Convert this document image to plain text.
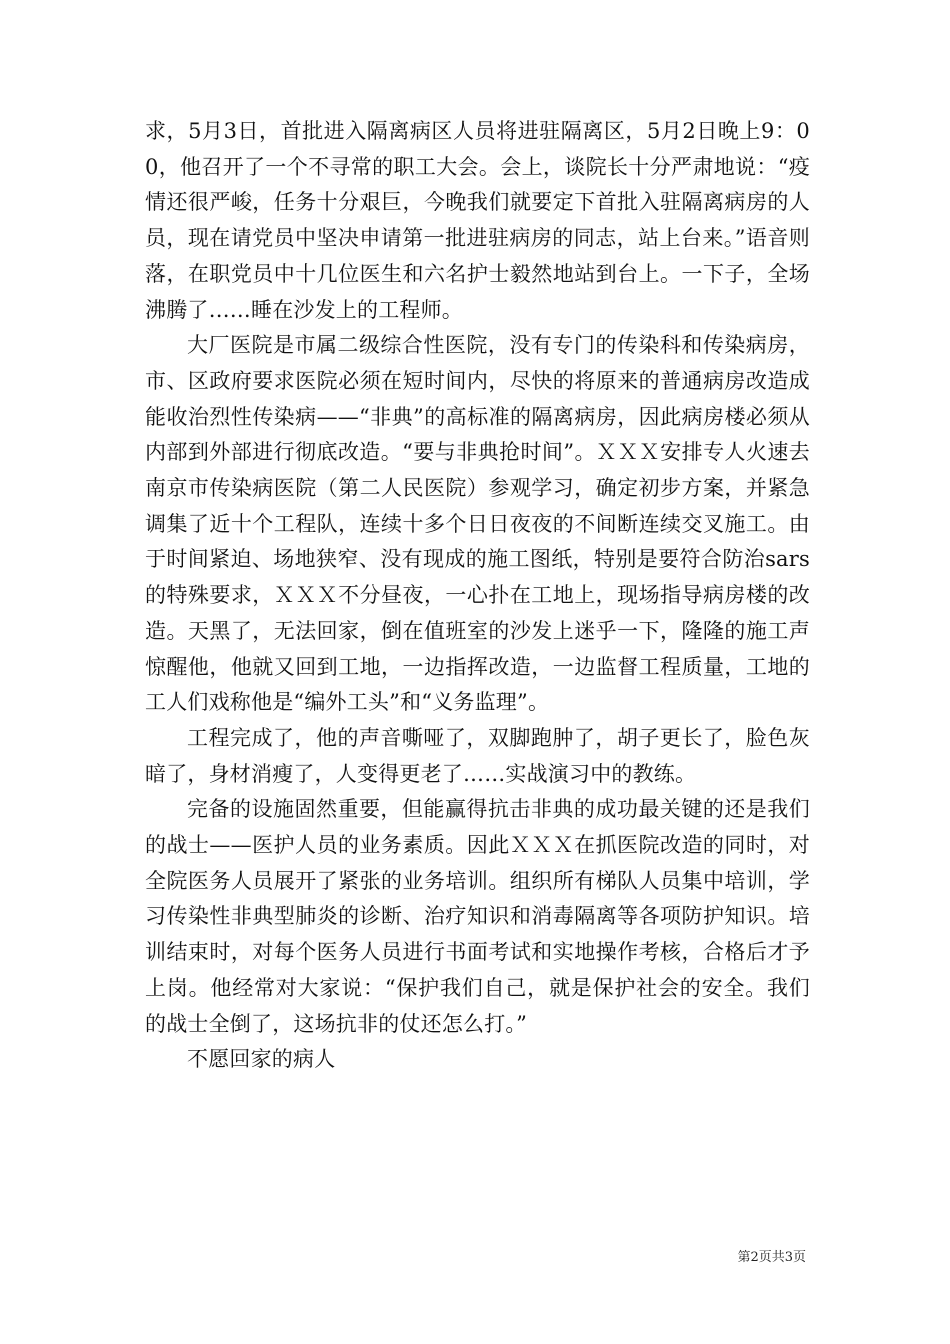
求，5月3日，首批进入隔离病区人员将进驻隔离区，5月2日晚上9：00，他召开了一个不寻常的职工大会。会上，谈院长十分严肃地说：“疫情还很严峻，任务十分艰巨，今晚我们就要定下首批入驻隔离病房的人员，现在请党员中坚决申请第一批进驻病房的同志，站上台来。”语音则落，在职党员中十几位医生和六名护士毅然地站到台上。一下子，全场沸腾了……睡在沙发上的工程师。

大厂医院是市属二级综合性医院，没有专门的传染科和传染病房，市、区政府要求医院必须在短时间内，尽快的将原来的普通病房改造成能收治烈性传染病——“非典”的高标准的隔离病房，因此病房楼必须从内部到外部进行彻底改造。“要与非典抢时间”。ＸＸＸ安排专人火速去南京市传染病医院（第二人民医院）参观学习，确定初步方案，并紧急调集了近十个工程队，连续十多个日日夜夜的不间断连续交叉施工。由于时间紧迫、场地狭窄、没有现成的施工图纸，特别是要符合防治sars的特殊要求，ＸＸＸ不分昼夜，一心扑在工地上，现场指导病房楼的改造。天黑了，无法回家，倒在值班室的沙发上迷乎一下，隆隆的施工声惊醒他，他就又回到工地，一边指挥改造，一边监督工程质量，工地的工人们戏称他是“编外工头”和“义务监理”。

工程完成了，他的声音嘶哑了，双脚跑肿了，胡子更长了，脸色灰暗了，身材消瘦了，人变得更老了……实战演习中的教练。

完备的设施固然重要，但能赢得抗击非典的成功最关键的还是我们的战士——医护人员的业务素质。因此ＸＸＸ在抓医院改造的同时，对全院医务人员展开了紧张的业务培训。组织所有梯队人员集中培训，学习传染性非典型肺炎的诊断、治疗知识和消毒隔离等各项防护知识。培训结束时，对每个医务人员进行书面考试和实地操作考核，合格后才予上岗。他经常对大家说：“保护我们自己，就是保护社会的安全。我们的战士全倒了，这场抗非的仗还怎么打。”

不愿回家的病人

第2页共3页
